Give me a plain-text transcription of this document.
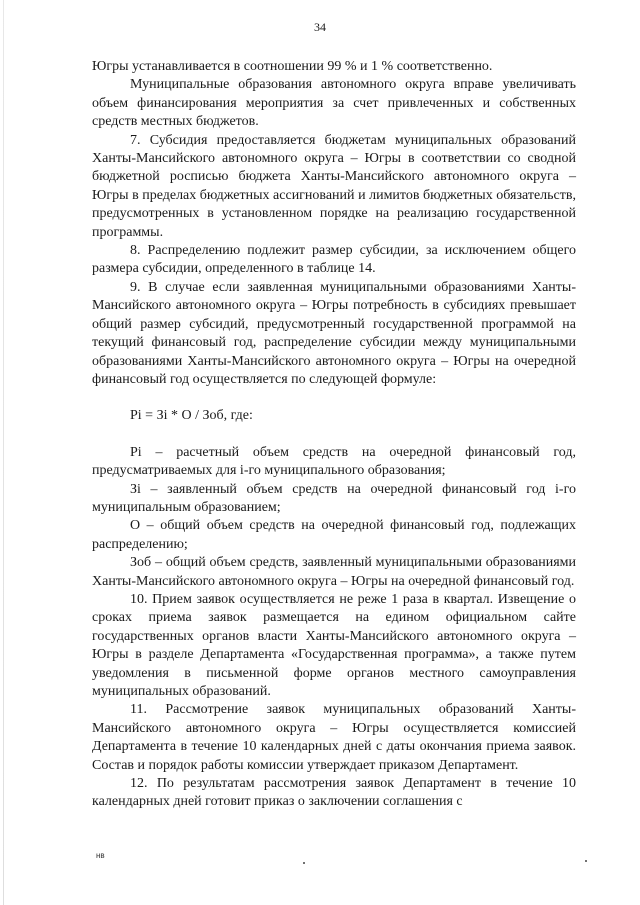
34

Югры устанавливается в соотношении 99 % и 1 % соответственно.

Муниципальные образования автономного округа вправе увеличивать объем финансирования мероприятия за счет привлеченных и собственных средств местных бюджетов.

7. Субсидия предоставляется бюджетам муниципальных образований Ханты-Мансийского автономного округа – Югры в соответствии со сводной бюджетной росписью бюджета Ханты-Мансийского автономного округа – Югры в пределах бюджетных ассигнований и лимитов бюджетных обязательств, предусмотренных в установленном порядке на реализацию государственной программы.

8. Распределению подлежит размер субсидии, за исключением общего размера субсидии, определенного в таблице 14.

9. В случае если заявленная муниципальными образованиями Ханты-Мансийского автономного округа – Югры потребность в субсидиях превышает общий размер субсидий, предусмотренный государственной программой на текущий финансовый год, распределение субсидии между муниципальными образованиями Ханты-Мансийского автономного округа – Югры на очередной финансовый год осуществляется по следующей формуле:

Pi = Зi * О / Зоб, где:

Pi – расчетный объем средств на очередной финансовый год, предусматриваемых для i-го муниципального образования;

Зi – заявленный объем средств на очередной финансовый год i-го муниципальным образованием;

О – общий объем средств на очередной финансовый год, подлежащих распределению;

Зоб – общий объем средств, заявленный муниципальными образованиями Ханты-Мансийского автономного округа – Югры на очередной финансовый год.

10. Прием заявок осуществляется не реже 1 раза в квартал. Извещение о сроках приема заявок размещается на едином официальном сайте государственных органов власти Ханты-Мансийского автономного округа – Югры в разделе Департамента «Государственная программа», а также путем уведомления в письменной форме органов местного самоуправления муниципальных образований.

11. Рассмотрение заявок муниципальных образований Ханты-Мансийского автономного округа – Югры осуществляется комиссией Департамента в течение 10 календарных дней с даты окончания приема заявок. Состав и порядок работы комиссии утверждает приказом Департамент.

12. По результатам рассмотрения заявок Департамент в течение 10 календарных дней готовит приказ о заключении соглашения с

нв
